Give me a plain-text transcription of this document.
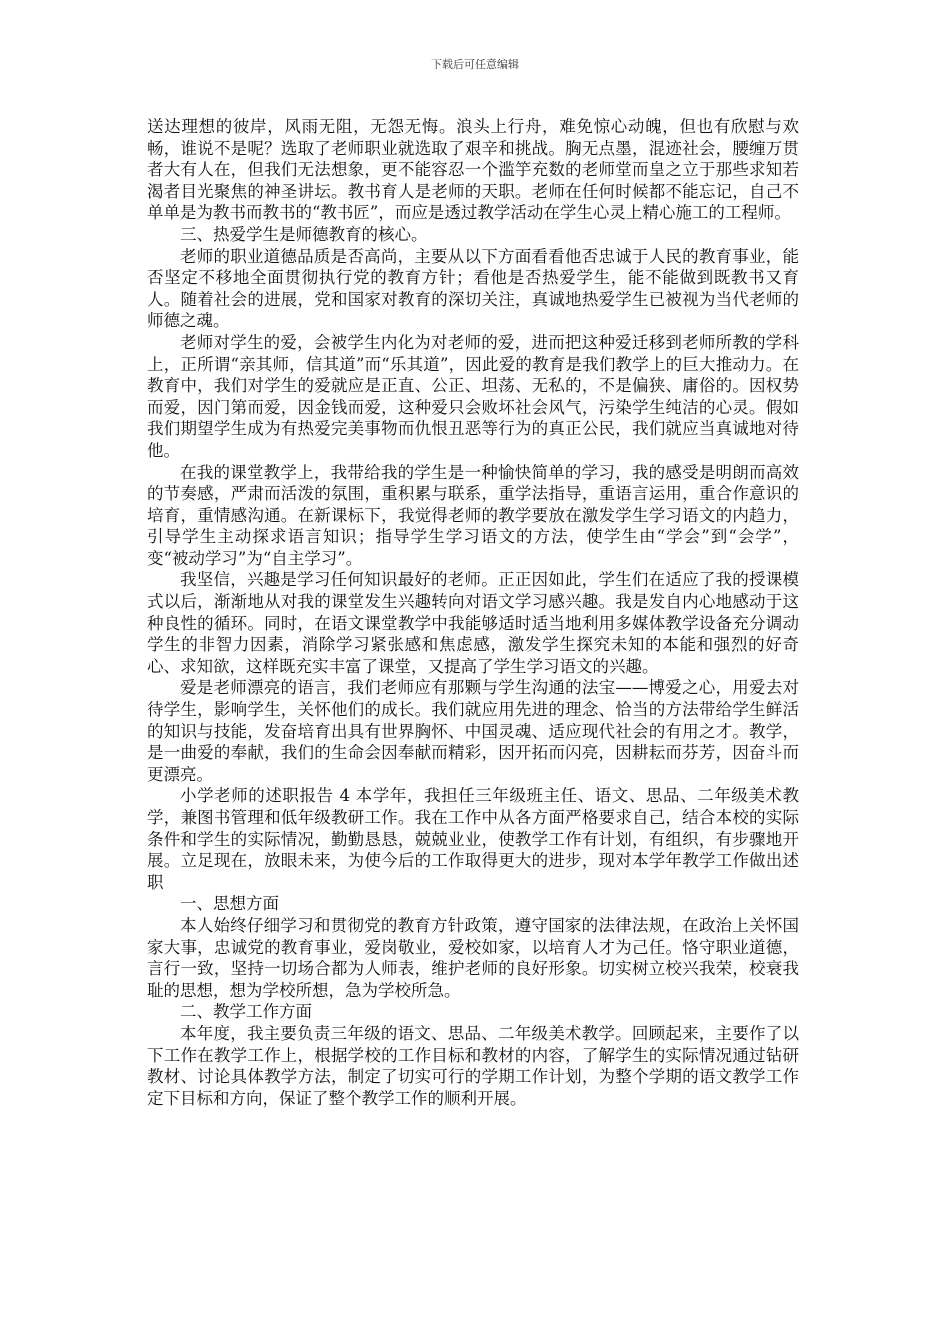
下载后可任意编辑

送达理想的彼岸，风雨无阻，无怨无悔。浪头上行舟，难免惊心动魄，但也有欣慰与欢畅，谁说不是呢？选取了老师职业就选取了艰辛和挑战。胸无点墨，混迹社会，腰缠万贯者大有人在，但我们无法想象，更不能容忍一个滥竽充数的老师堂而皇之立于那些求知若渴者目光聚焦的神圣讲坛。教书育人是老师的天职。老师在任何时候都不能忘记，自己不单单是为教书而教书的“教书匠”，而应是透过教学活动在学生心灵上精心施工的工程师。

三、热爱学生是师德教育的核心。

老师的职业道德品质是否高尚，主要从以下方面看看他否忠诚于人民的教育事业，能否坚定不移地全面贯彻执行党的教育方针；看他是否热爱学生，能不能做到既教书又育人。随着社会的进展，党和国家对教育的深切关注，真诚地热爱学生已被视为当代老师的师德之魂。

老师对学生的爱，会被学生内化为对老师的爱，进而把这种爱迁移到老师所教的学科上，正所谓“亲其师，信其道”而“乐其道”，因此爱的教育是我们教学上的巨大推动力。在教育中，我们对学生的爱就应是正直、公正、坦荡、无私的，不是偏狭、庸俗的。因权势而爱，因门第而爱，因金钱而爱，这种爱只会败坏社会风气，污染学生纯洁的心灵。假如我们期望学生成为有热爱完美事物而仇恨丑恶等行为的真正公民，我们就应当真诚地对待他。

在我的课堂教学上，我带给我的学生是一种愉快简单的学习，我的感受是明朗而高效的节奏感，严肃而活泼的氛围，重积累与联系，重学法指导，重语言运用，重合作意识的培育，重情感沟通。在新课标下，我觉得老师的教学要放在激发学生学习语文的内趋力，引导学生主动探求语言知识；指导学生学习语文的方法，使学生由“学会”到“会学”，变“被动学习”为“自主学习”。

我坚信，兴趣是学习任何知识最好的老师。正正因如此，学生们在适应了我的授课模式以后，渐渐地从对我的课堂发生兴趣转向对语文学习感兴趣。我是发自内心地感动于这种良性的循环。同时，在语文课堂教学中我能够适时适当地利用多媒体教学设备充分调动学生的非智力因素，消除学习紧张感和焦虑感，激发学生探究未知的本能和强烈的好奇心、求知欲，这样既充实丰富了课堂，又提高了学生学习语文的兴趣。

爱是老师漂亮的语言，我们老师应有那颗与学生沟通的法宝——博爱之心，用爱去对待学生，影响学生，关怀他们的成长。我们就应用先进的理念、恰当的方法带给学生鲜活的知识与技能，发奋培育出具有世界胸怀、中国灵魂、适应现代社会的有用之才。教学，是一曲爱的奉献，我们的生命会因奉献而精彩，因开拓而闪亮，因耕耘而芬芳，因奋斗而更漂亮。

小学老师的述职报告 4 本学年，我担任三年级班主任、语文、思品、二年级美术教学，兼图书管理和低年级教研工作。我在工作中从各方面严格要求自己，结合本校的实际条件和学生的实际情况，勤勤恳恳，兢兢业业，使教学工作有计划，有组织，有步骤地开展。立足现在，放眼未来，为使今后的工作取得更大的进步，现对本学年教学工作做出述职

一、思想方面

本人始终仔细学习和贯彻党的教育方针政策，遵守国家的法律法规，在政治上关怀国家大事，忠诚党的教育事业，爱岗敬业，爱校如家，以培育人才为己任。恪守职业道德，言行一致，坚持一切场合都为人师表，维护老师的良好形象。切实树立校兴我荣，校衰我耻的思想，想为学校所想，急为学校所急。

二、教学工作方面

本年度，我主要负责三年级的语文、思品、二年级美术教学。回顾起来，主要作了以下工作在教学工作上，根据学校的工作目标和教材的内容，了解学生的实际情况通过钻研教材、讨论具体教学方法，制定了切实可行的学期工作计划，为整个学期的语文教学工作定下目标和方向，保证了整个教学工作的顺利开展。
